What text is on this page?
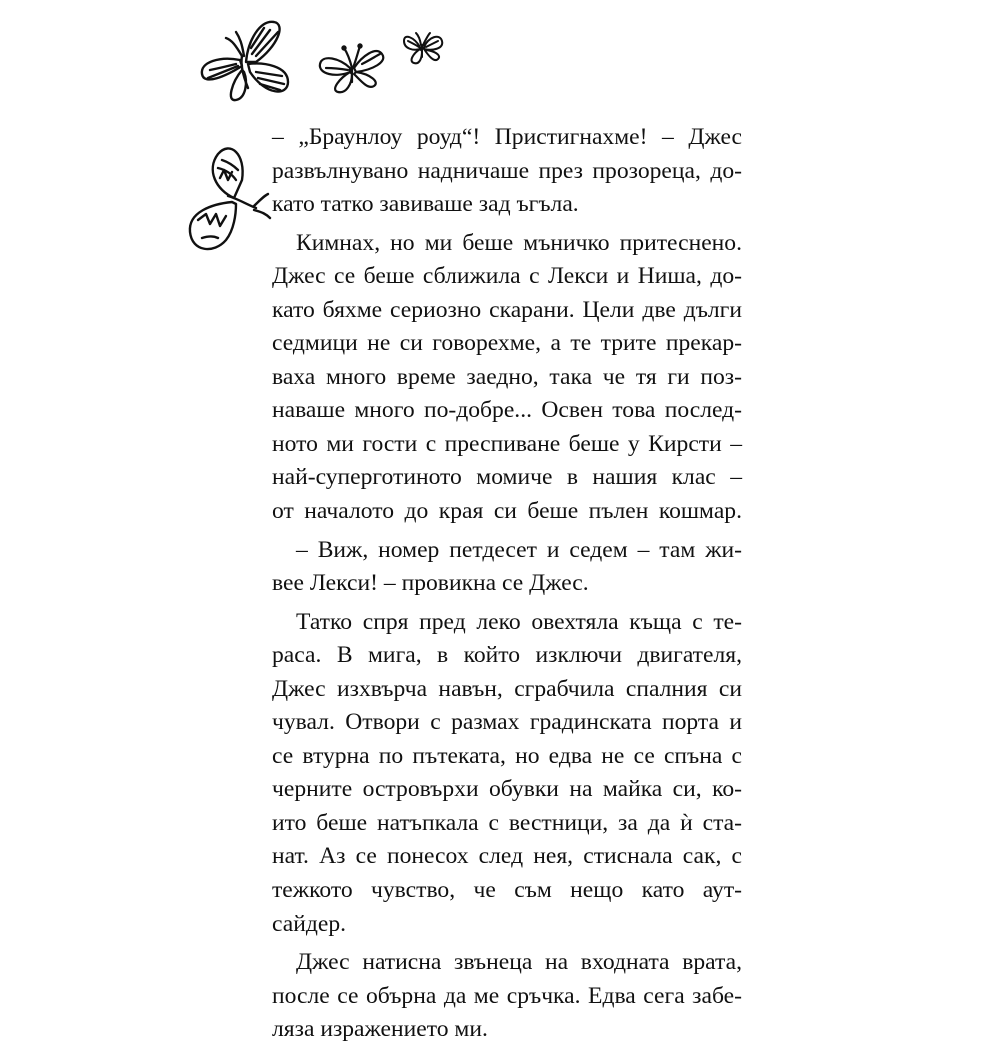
– „Браунлоу роуд“! Пристигнахме! – Джес
развълнувано надничаше през прозореца, до-
като татко завиваше зад ъгъла.

Кимнах, но ми беше мъничко притеснено.
Джес се беше сближила с Лекси и Ниша, до-
като бяхме сериозно скарани. Цели две дълги
седмици не си говорехме, а те трите прекар-
ваха много време заедно, така че тя ги поз-
наваше много по-добре... Освен това послед-
ното ми гости с преспиване беше у Кирсти –
най-суперготиното момиче в нашия клас –
от началото до края си беше пълен кошмар.

– Виж, номер петдесет и седем – там жи-
вее Лекси! – провикна се Джес.

Татко спря пред леко овехтяла къща с те-
раса. В мига, в който изключи двигателя,
Джес изхвърча навън, сграбчила спалния си
чувал. Отвори с размах градинската порта и
се втурна по пътеката, но едва не се спъна с
черните островърхи обувки на майка си, ко-
ито беше натъпкала с вестници, за да ѝ ста-
нат. Аз се понесох след нея, стиснала сак, с
тежкото чувство, че съм нещо като аут-
сайдер.

Джес натисна звънеца на входната врата,
после се обърна да ме сръчка. Едва сега забе-
ляза изражението ми.
